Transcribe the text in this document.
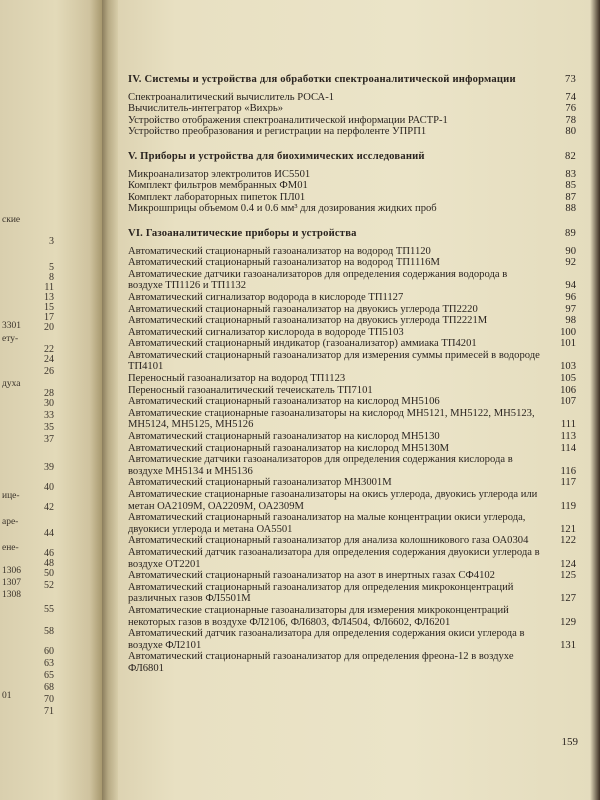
ские
3301
ету-
духа
ице-
аре-
ене-
1306
1307
1308
01
3
5
8
11
13
15
17
20
22
24
26
28
30
33
35
37
39
40
42
44
46
48
50
52
55
58
60
63
65
68
70
71
IV. Системы и устройства для обработки спектроаналитической информации	73
Спектроаналитический вычислитель РОСА-1	74
Вычислитель-интегратор «Вихрь»	76
Устройство отображения спектроаналитической информации РАСТР-1	78
Устройство преобразования и регистрации на перфоленте УПРП1	80
V. Приборы и устройства для биохимических исследований	82
Микроанализатор электролитов ИС5501	83
Комплект фильтров мембранных ФМ01	85
Комплект лабораторных пипеток ПЛ01	87
Микрошприцы объемом 0.4 и 0.6 мм³ для дозирования жидких проб	88
VI. Газоаналитические приборы и устройства	89
Автоматический стационарный газоанализатор на водород ТП1120	90
Автоматический стационарный газоанализатор на водород ТП1116М	92
Автоматические датчики газоанализаторов для определения содержания водорода в воздухе ТП1126 и ТП1132	94
Автоматический сигнализатор водорода в кислороде ТП1127	96
Автоматический стационарный газоанализатор на двуокись углерода ТП2220	97
Автоматический стационарный газоанализатор на двуокись углерода ТП2221М	98
Автоматический сигнализатор кислорода в водороде ТП5103	100
Автоматический стационарный индикатор (газоанализатор) аммиака ТП4201	101
Автоматический стационарный газоанализатор для измерения суммы примесей в водороде ТП4101	103
Переносный газоанализатор на водород ТП1123	105
Переносный газоаналитический течеискатель ТП7101	106
Автоматический стационарный газоанализатор на кислород МН5106	107
Автоматические стационарные газоанализаторы на кислород МН5121, МН5122, МН5123, МН5124, МН5125, МН5126	111
Автоматический стационарный газоанализатор на кислород МН5130	113
Автоматический стационарный газоанализатор на кислород МН5130М	114
Автоматические датчики газоанализаторов для определения содержания кислорода в воздухе МН5134 и МН5136	116
Автоматический стационарный газоанализатор МН3001М	117
Автоматические стационарные газоанализаторы на окись углерода, двуокись углерода или метан ОА2109М, ОА2209М, ОА2309М	119
Автоматический стационарный газоанализатор на малые концентрации окиси углерода, двуокиси углерода и метана ОА5501	121
Автоматический стационарный газоанализатор для анализа колошникового газа ОА0304	122
Автоматический датчик газоанализатора для определения содержания двуокиси углерода в воздухе ОТ2201	124
Автоматический стационарный газоанализатор на азот в инертных газах СФ4102	125
Автоматический стационарный газоанализатор для определения микроконцентраций различных газов ФЛ5501М	127
Автоматические стационарные газоанализаторы для измерения микроконцентраций некоторых газов в воздухе ФЛ2106, ФЛ6803, ФЛ4504, ФЛ6602, ФЛ6201	129
Автоматический датчик газоанализатора для определения содержания окиси углерода в воздухе ФЛ2101	131
Автоматический стационарный газоанализатор для определения фреона-12 в воздухе ФЛ6801
159
